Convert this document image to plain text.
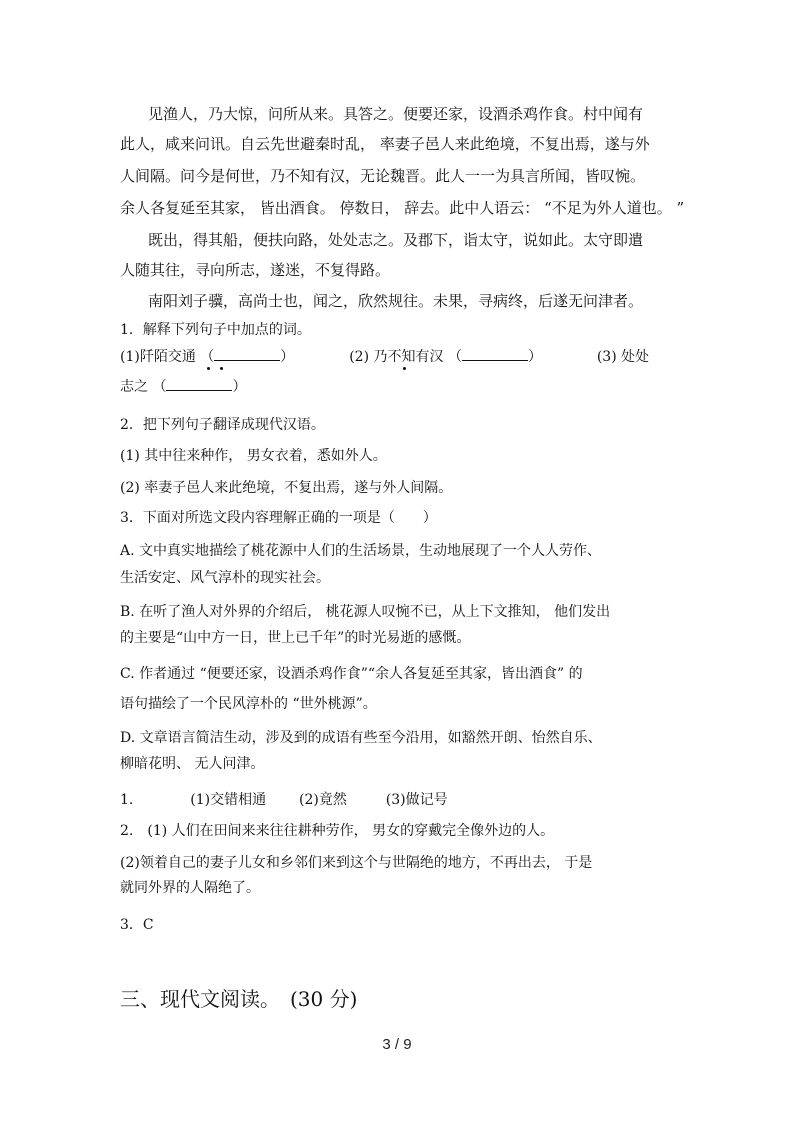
见渔人，乃大惊，问所从来。具答之。便要还家，设酒杀鸡作食。村中闻有
此人，咸来问讯。自云先世避秦时乱， 率妻子邑人来此绝境，不复出焉，遂与外
人间隔。问今是何世，乃不知有汉，无论魏晋。此人一一为具言所闻，皆叹惋。
余人各复延至其家， 皆出酒食。 停数日， 辞去。此中人语云： “不足为外人道也。 ”
既出，得其船，便扶向路，处处志之。及郡下，诣太守，说如此。太守即遣
人随其往，寻向所志，遂迷，不复得路。
南阳刘子骥，高尚士也，闻之，欣然规往。未果，寻病终，后遂无问津者。
1．解释下列句子中加点的词。
(1)阡陌交通 （	）	(2) 乃不知有汉 （	）	(3) 处处
志之 （	）
2．把下列句子翻译成现代汉语。
(1) 其中往来种作， 男女衣着，悉如外人。
(2) 率妻子邑人来此绝境，不复出焉，遂与外人间隔。
3．下面对所选文段内容理解正确的一项是（　　）
A. 文中真实地描绘了桃花源中人们的生活场景，生动地展现了一个人人劳作、
生活安定、风气淳朴的现实社会。
B. 在听了渔人对外界的介绍后， 桃花源人叹惋不已，从上下文推知， 他们发出
的主要是“山中方一日，世上已千年”的时光易逝的感慨。
C. 作者通过 “便要还家，设酒杀鸡作食”“余人各复延至其家，皆出酒食” 的
语句描绘了一个民风淳朴的 “世外桃源”。
D. 文章语言简洁生动，涉及到的成语有些至今沿用，如豁然开朗、怡然自乐、
柳暗花明、 无人问津。
1.	(1)交错相通 (2)竟然	(3)做记号
2.　(1) 人们在田间来来往往耕种劳作， 男女的穿戴完全像外边的人。
(2)领着自己的妻子儿女和乡邻们来到这个与世隔绝的地方，不再出去， 于是
就同外界的人隔绝了。
3．C
三、现代文阅读。　(30 分)
3 / 9
